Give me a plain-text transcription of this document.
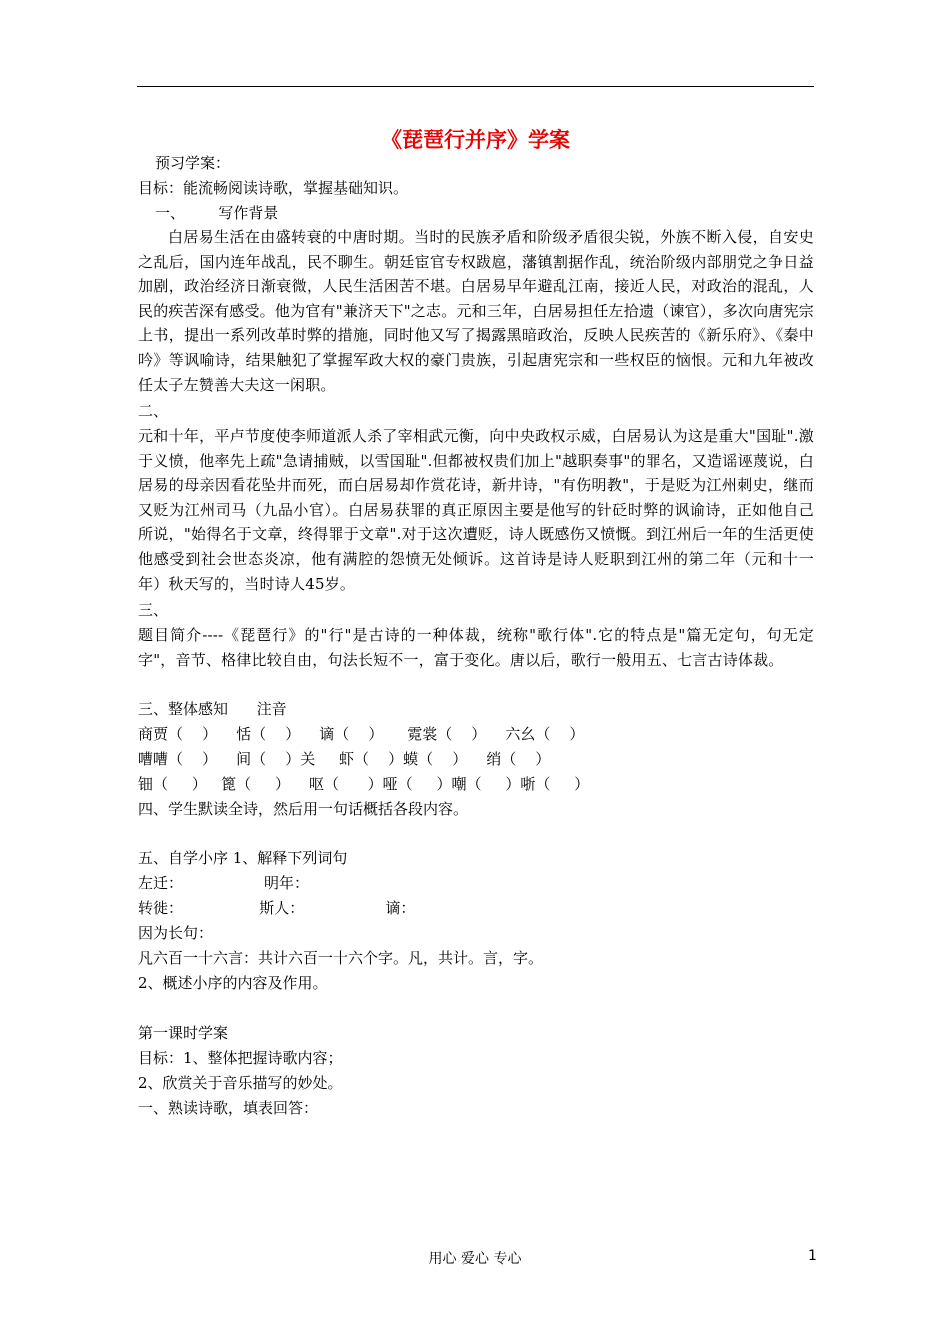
《琵琶行并序》学案
预习学案：
目标：能流畅阅读诗歌，掌握基础知识。
一、       写作背景
白居易生活在由盛转衰的中唐时期。当时的民族矛盾和阶级矛盾很尖锐，外族不断入侵，自安史之乱后，国内连年战乱，民不聊生。朝廷宦官专权跋扈，藩镇割据作乱，统治阶级内部朋党之争日益加剧，政治经济日渐衰微，人民生活困苦不堪。白居易早年避乱江南，接近人民，对政治的混乱，人民的疾苦深有感受。他为官有"兼济天下"之志。元和三年，白居易担任左拾遗（谏官），多次向唐宪宗上书，提出一系列改革时弊的措施，同时他又写了揭露黑暗政治，反映人民疾苦的《新乐府》、《秦中吟》等讽喻诗，结果触犯了掌握军政大权的豪门贵族，引起唐宪宗和一些权臣的恼恨。元和九年被改任太子左赞善大夫这一闲职。
二、
元和十年，平卢节度使李师道派人杀了宰相武元衡，向中央政权示威，白居易认为这是重大"国耻".激于义愤，他率先上疏"急请捕贼，以雪国耻".但都被权贵们加上"越职奏事"的罪名，又造谣诬蔑说，白居易的母亲因看花坠井而死，而白居易却作赏花诗，新井诗，"有伤明教"，于是贬为江州刺史，继而又贬为江州司马（九品小官）。白居易获罪的真正原因主要是他写的针砭时弊的讽谕诗，正如他自己所说，"始得名于文章，终得罪于文章".对于这次遭贬，诗人既感伤又愤慨。到江州后一年的生活更使他感受到社会世态炎凉，他有满腔的怨愤无处倾诉。这首诗是诗人贬职到江州的第二年（元和十一年）秋天写的，当时诗人45岁。
三、
题目简介----《琵琶行》的"行"是古诗的一种体裁，统称"歌行体".它的特点是"篇无定句，句无定字"，音节、格律比较自由，句法长短不一，富于变化。唐以后，歌行一般用五、七言古诗体裁。
三、整体感知      注音
商贾（    ）    恬（    ）    谪（    ）     霓裳（    ）    六幺（    ）
嘈嘈（    ）    间（    ）关     虾（    ）蟆（    ）    绡（    ）
钿（     ）   篦（     ）    呕（      ）哑（     ）嘲（     ）哳（     ）
四、学生默读全诗，然后用一句话概括各段内容。
五、自学小序 1、解释下列词句
左迁：                 明年：
转徙：                斯人：                 谪：
因为长句：
凡六百一十六言：共计六百一十六个字。凡，共计。言，字。
2、概述小序的内容及作用。
第一课时学案
目标：1、整体把握诗歌内容；
2、欣赏关于音乐描写的妙处。
一、熟读诗歌，填表回答：
用心 爱心 专心	1
